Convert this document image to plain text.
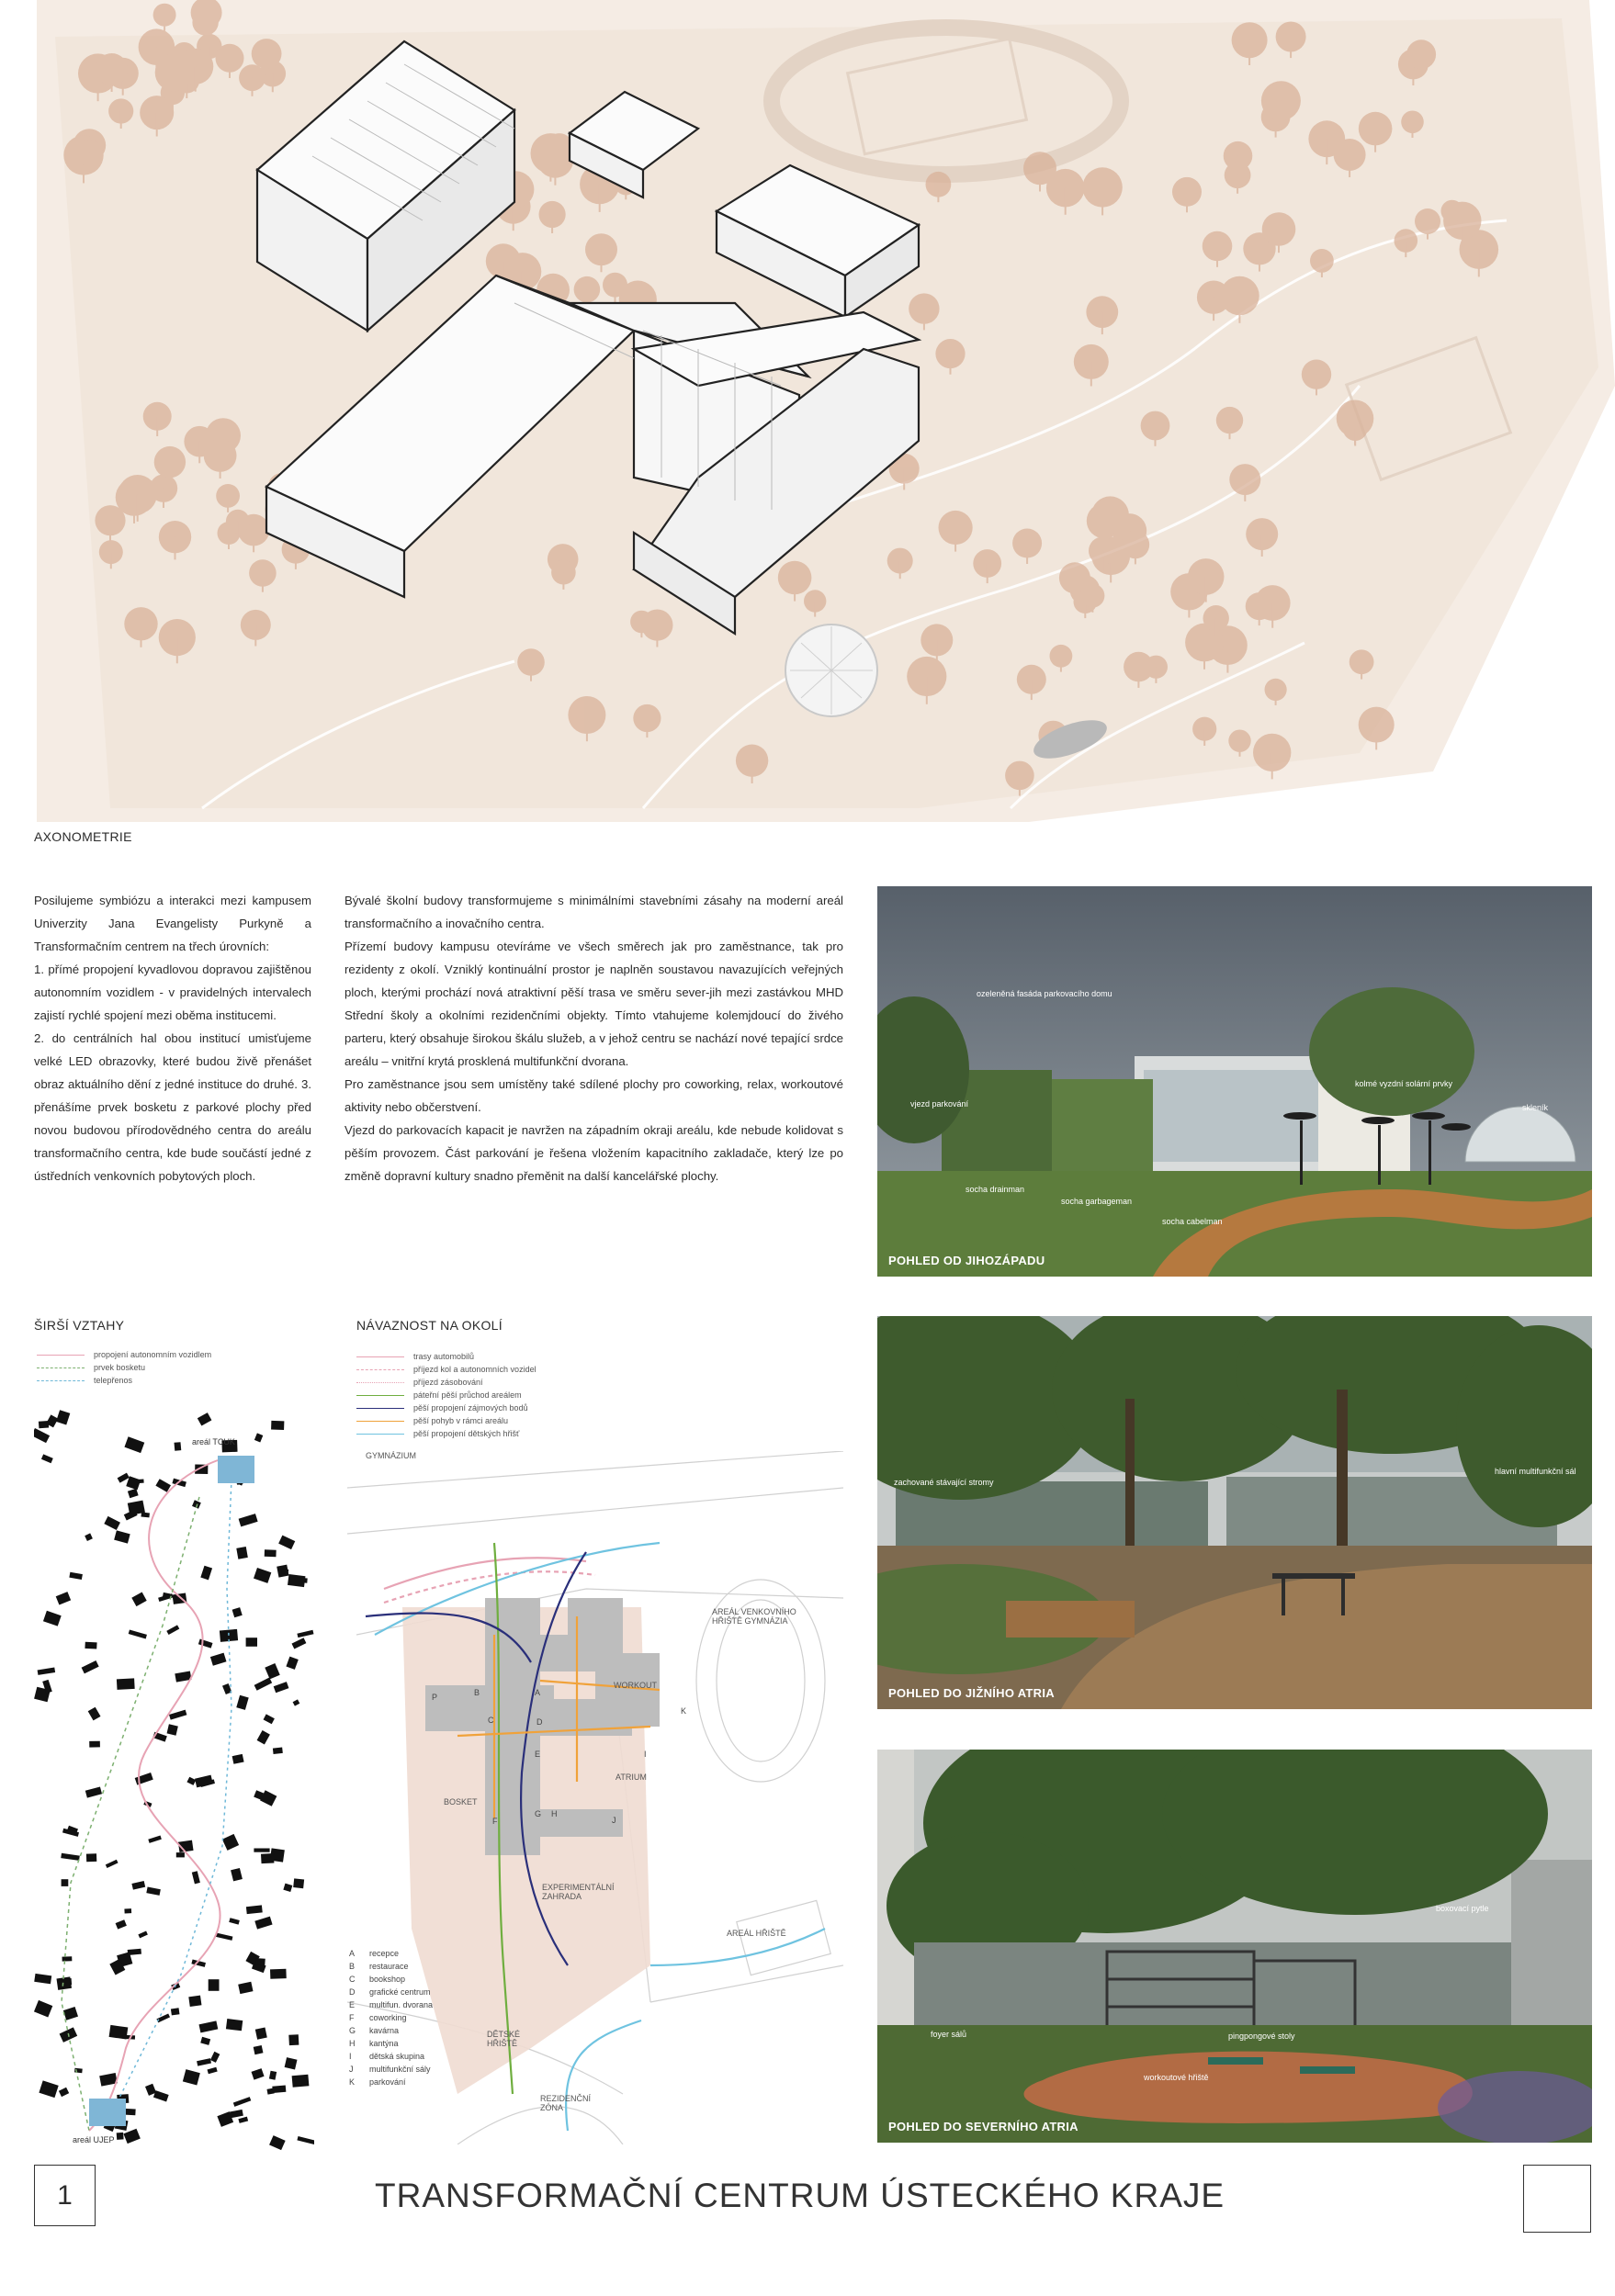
AXONOMETRIE

Posilujeme symbiózu a interakci mezi kampusem Univerzity Jana Evangelisty Purkyně a Transformačním centrem na třech úrovních:

1. přímé propojení kyvadlovou dopravou zajištěnou autonomním vozidlem - v pravidelných intervalech zajistí rychlé spojení mezi oběma institucemi.

2. do centrálních hal obou institucí umisťujeme velké LED obrazovky, které budou živě přenášet obraz aktuálního dění z jedné instituce do druhé. 3. přenášíme prvek bosketu z parkové plochy před novou budovou přírodovědného centra do areálu transformačního centra, kde bude součástí jedné z ústředních venkovních pobytových ploch.

Bývalé školní budovy transformujeme s minimálními stavebními zásahy na moderní areál transformačního a inovačního centra.

Přízemí budovy kampusu otevíráme ve všech směrech jak pro zaměstnance, tak pro rezidenty z okolí. Vzniklý kontinuální prostor je naplněn soustavou navazujících veřejných ploch, kterými prochází nová atraktivní pěší trasa ve směru sever-jih mezi zastávkou MHD Střední školy a okolními rezidenčními objekty. Tímto vtahujeme kolemjdoucí do živého parteru, který obsahuje širokou škálu služeb, a v jehož centru se nachází nové tepající srdce areálu – vnitřní krytá prosklená multifunkční dvorana.

Pro zaměstnance jsou sem umístěny také sdílené plochy pro coworking, relax, workoutové aktivity nebo občerstvení.

Vjezd do parkovacích kapacit je navržen na západním okraji areálu, kde nebude kolidovat s pěším provozem. Část parkování je řešena vložením kapacitního zakladače, který lze po změně dopravní kultury snadno přeměnit na další kancelářské plochy.

ozeleněná fasáda parkovacího domu
vjezd parkování
kolmé vyzdní solární prvky
skleník
socha drainman
socha garbageman
socha cabelman
POHLED OD JIHOZÁPADU
zachované stávající stromy
hlavní multifunkční sál
POHLED DO JIŽNÍHO ATRIA
boxovací pytle
foyer sálů	pingpongové stoly
workoutové hřiště
POHLED DO SEVERNÍHO ATRIA
ŠIRŠÍ VZTAHY
propojení autonomním vozidlem
prvek bosketu
telepřenos
areál TCUK
areál UJEP
NÁVAZNOST NA OKOLÍ
trasy automobilů
příjezd kol a autonomních vozidel
příjezd zásobování
páteřní pěší průchod areálem
pěší propojení zájmových bodů
pěší pohyb v rámci areálu
pěší propojení dětských hřišť
GYMNÁZIUM
AREÁL VENKOVNÍHO HŘIŠTĚ GYMNÁZIA
WORKOUT
ATRIUM
BOSKET
EXPERIMENTÁLNÍ ZAHRADA
AREÁL HŘIŠTĚ
DĚTSKÉ HŘIŠTĚ
REZIDENČNÍ ZÓNA
A recepce
B restaurace
C bookshop
D grafické centrum
E multifun. dvorana
F coworking
G kavárna
H kantýna
I dětská skupina
J multifunkční sály
K parkování
P	B	A
C	D
E
F
G H
J
K
I
1	TRANSFORMAČNÍ CENTRUM ÚSTECKÉHO KRAJE
